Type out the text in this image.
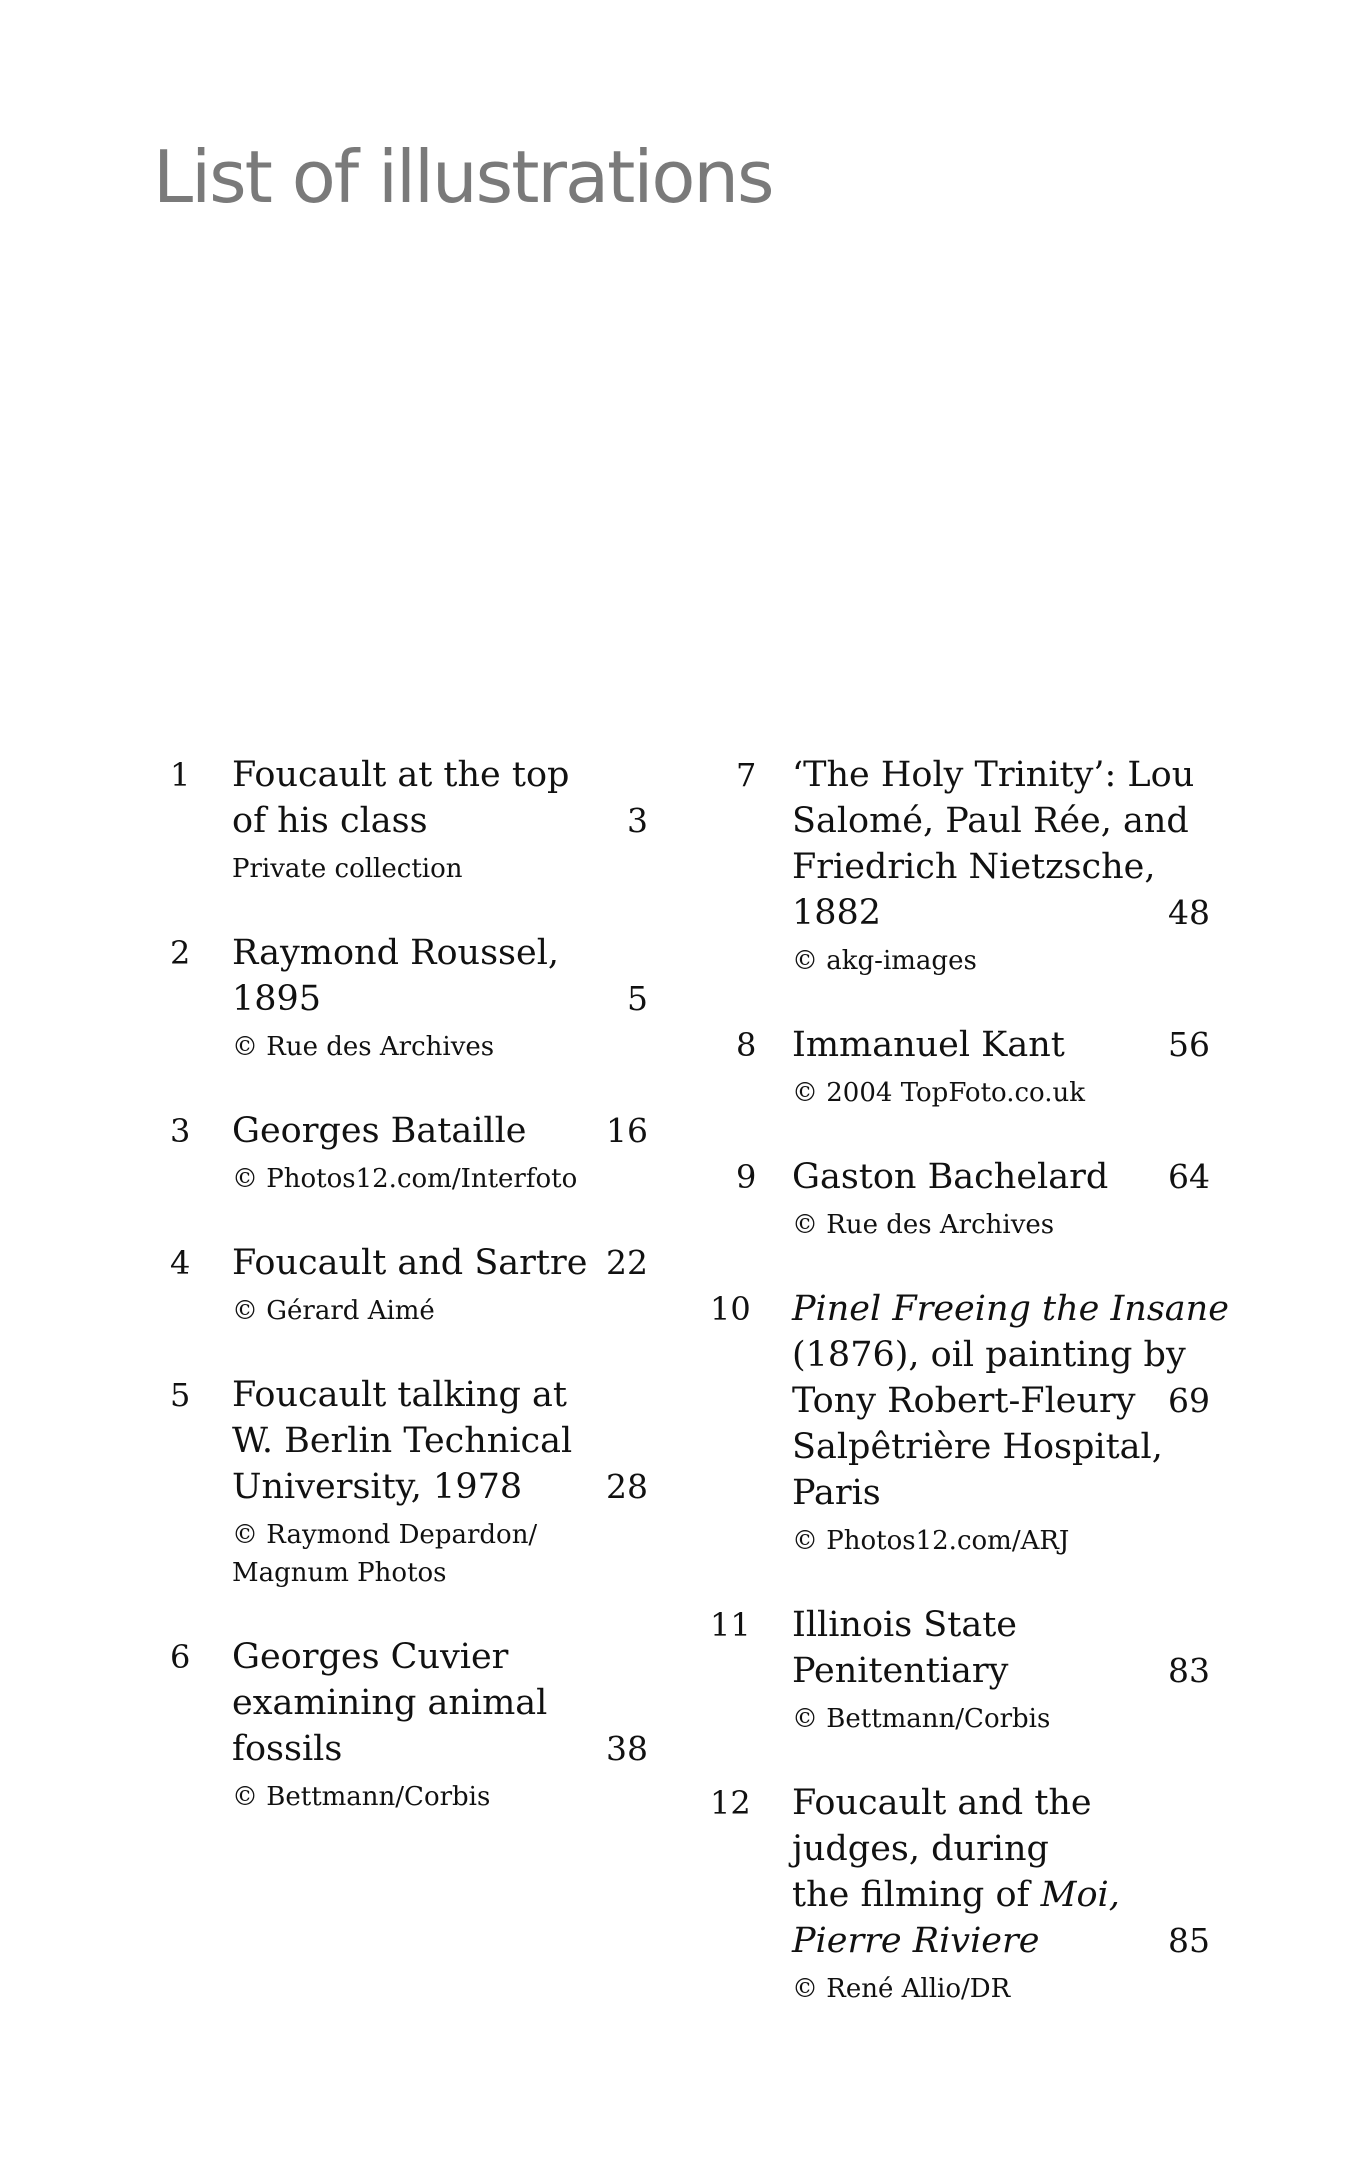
List of illustrations
1 Foucault at the top
of his class	3
Private collection
2 Raymond Roussel,
1895	5
© Rue des Archives
3 Georges Bataille	16
© Photos12.com/Interfoto
4 Foucault and Sartre 22
© Gérard Aimé
5 Foucault talking at
W. Berlin Technical
University, 1978	28
© Raymond Depardon/
Magnum Photos
6 Georges Cuvier
examining animal
fossils	38
© Bettmann/Corbis
7 ‘The Holy Trinity’: Lou
Salomé, Paul Rée, and
Friedrich Nietzsche,
1882	48
© akg-images
8 Immanuel Kant	56
© 2004 TopFoto.co.uk
9 Gaston Bachelard	64
© Rue des Archives
10 Pinel Freeing the Insane
(1876), oil painting by
Tony Robert-Fleury 69
Salpêtrière Hospital,
Paris
© Photos12.com/ARJ
11 Illinois State
Penitentiary	83
© Bettmann/Corbis
12 Foucault and the
judges, during
the filming of Moi,
Pierre Riviere	85
© René Allio/DR
